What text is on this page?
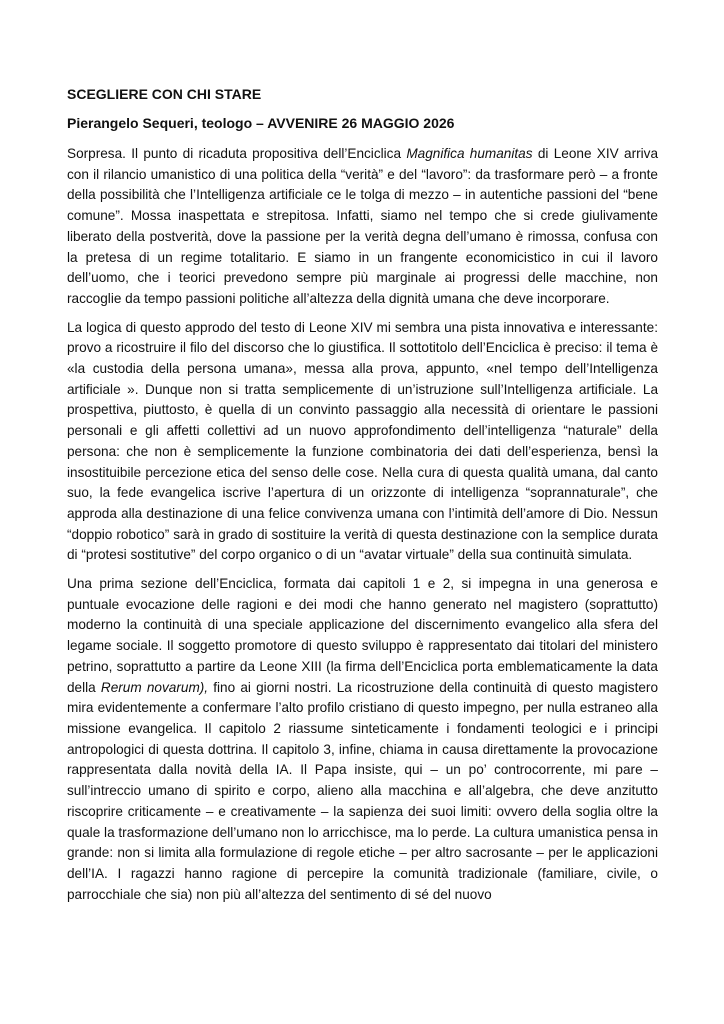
SCEGLIERE CON CHI STARE
Pierangelo Sequeri, teologo – AVVENIRE 26 MAGGIO 2026

Sorpresa. Il punto di ricaduta propositiva dell’Enciclica Magnifica humanitas di Leone XIV arriva con il rilancio umanistico di una politica della “verità” e del “lavoro”: da trasformare però – a fronte della possibilità che l’Intelligenza artificiale ce le tolga di mezzo – in autentiche passioni del “bene comune”. Mossa inaspettata e strepitosa. Infatti, siamo nel tempo che si crede giulivamente liberato della postverità, dove la passione per la verità degna dell’umano è rimossa, confusa con la pretesa di un regime totalitario. E siamo in un frangente economicistico in cui il lavoro dell’uomo, che i teorici prevedono sempre più marginale ai progressi delle macchine, non raccoglie da tempo passioni politiche all’altezza della dignità umana che deve incorporare.

La logica di questo approdo del testo di Leone XIV mi sembra una pista innovativa e interessante: provo a ricostruire il filo del discorso che lo giustifica. Il sottotitolo dell’Enciclica è preciso: il tema è «la custodia della persona umana», messa alla prova, appunto, «nel tempo dell’Intelligenza artificiale ». Dunque non si tratta semplicemente di un’istruzione sull’Intelligenza artificiale. La prospettiva, piuttosto, è quella di un convinto passaggio alla necessità di orientare le passioni personali e gli affetti collettivi ad un nuovo approfondimento dell’intelligenza “naturale” della persona: che non è semplicemente la funzione combinatoria dei dati dell’esperienza, bensì la insostituibile percezione etica del senso delle cose. Nella cura di questa qualità umana, dal canto suo, la fede evangelica iscrive l’apertura di un orizzonte di intelligenza “soprannaturale”, che approda alla destinazione di una felice convivenza umana con l’intimità dell’amore di Dio. Nessun “doppio robotico” sarà in grado di sostituire la verità di questa destinazione con la semplice durata di “protesi sostitutive” del corpo organico o di un “avatar virtuale” della sua continuità simulata.

Una prima sezione dell’Enciclica, formata dai capitoli 1 e 2, si impegna in una generosa e puntuale evocazione delle ragioni e dei modi che hanno generato nel magistero (soprattutto) moderno la continuità di una speciale applicazione del discernimento evangelico alla sfera del legame sociale. Il soggetto promotore di questo sviluppo è rappresentato dai titolari del ministero petrino, soprattutto a partire da Leone XIII (la firma dell’Enciclica porta emblematicamente la data della Rerum novarum), fino ai giorni nostri. La ricostruzione della continuità di questo magistero mira evidentemente a confermare l’alto profilo cristiano di questo impegno, per nulla estraneo alla missione evangelica. Il capitolo 2 riassume sinteticamente i fondamenti teologici e i principi antropologici di questa dottrina. Il capitolo 3, infine, chiama in causa direttamente la provocazione rappresentata dalla novità della IA. Il Papa insiste, qui – un po’ controcorrente, mi pare – sull’intreccio umano di spirito e corpo, alieno alla macchina e all’algebra, che deve anzitutto riscoprire criticamente – e creativamente – la sapienza dei suoi limiti: ovvero della soglia oltre la quale la trasformazione dell’umano non lo arricchisce, ma lo perde. La cultura umanistica pensa in grande: non si limita alla formulazione di regole etiche – per altro sacrosante – per le applicazioni dell’IA. I ragazzi hanno ragione di percepire la comunità tradizionale (familiare, civile, o parrocchiale che sia) non più all’altezza del sentimento di sé del nuovo
